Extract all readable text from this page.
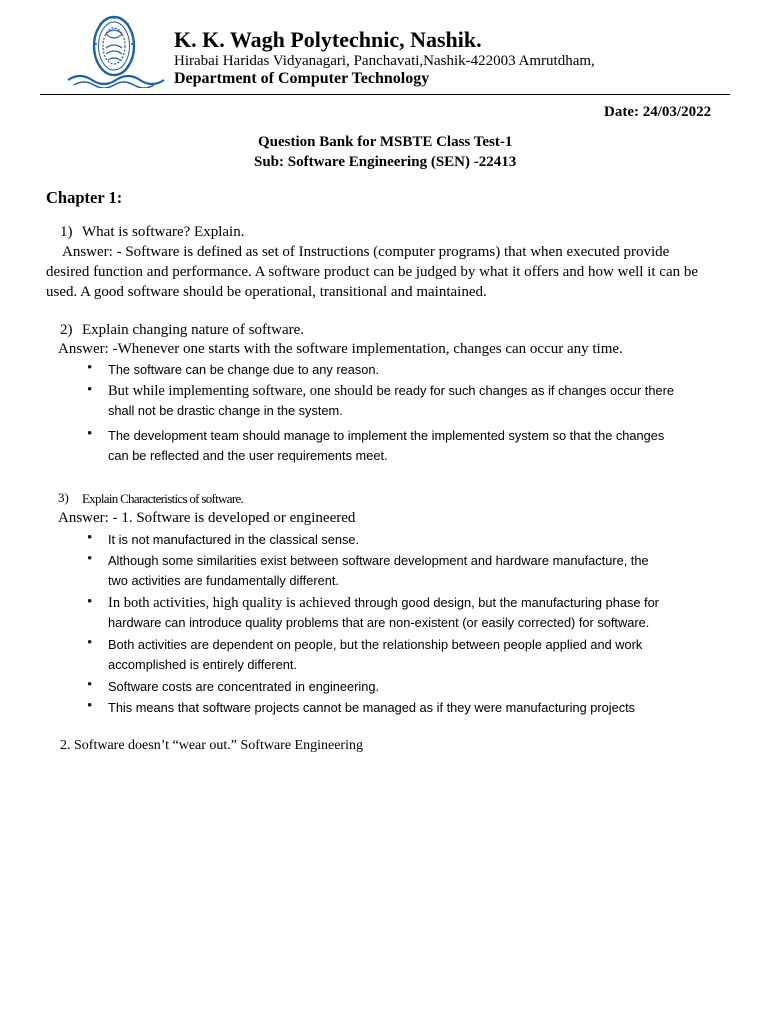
K. K. Wagh Polytechnic, Nashik.
Hirabai Haridas Vidyanagari, Panchavati,Nashik-422003 Amrutdham,
Department of Computer Technology
Date: 24/03/2022
Question Bank for MSBTE Class Test-1
Sub: Software Engineering (SEN) -22413
Chapter 1:
1) What is software? Explain.
Answer: - Software is defined as set of Instructions (computer programs) that when executed provide
desired function and performance. A software product can be judged by what it offers and how well it can be
used. A good software should be operational, transitional and maintained.
2) Explain changing nature of software.
Answer: -Whenever one starts with the software implementation, changes can occur any time.
• The software can be change due to any reason.
• But while implementing software, one should be ready for such changes as if changes occur there
shall not be drastic change in the system.
• The development team should manage to implement the implemented system so that the changes
can be reflected and the user requirements meet.
3) Explain Characteristics of software.
Answer: - 1. Software is developed or engineered
• It is not manufactured in the classical sense.
• Although some similarities exist between software development and hardware manufacture, the
two activities are fundamentally different.
• In both activities, high quality is achieved through good design, but the manufacturing phase for
hardware can introduce quality problems that are non-existent (or easily corrected) for software.
• Both activities are dependent on people, but the relationship between people applied and work
accomplished is entirely different.
• Software costs are concentrated in engineering.
• This means that software projects cannot be managed as if they were manufacturing projects
2. Software doesn’t “wear out.” Software Engineering
